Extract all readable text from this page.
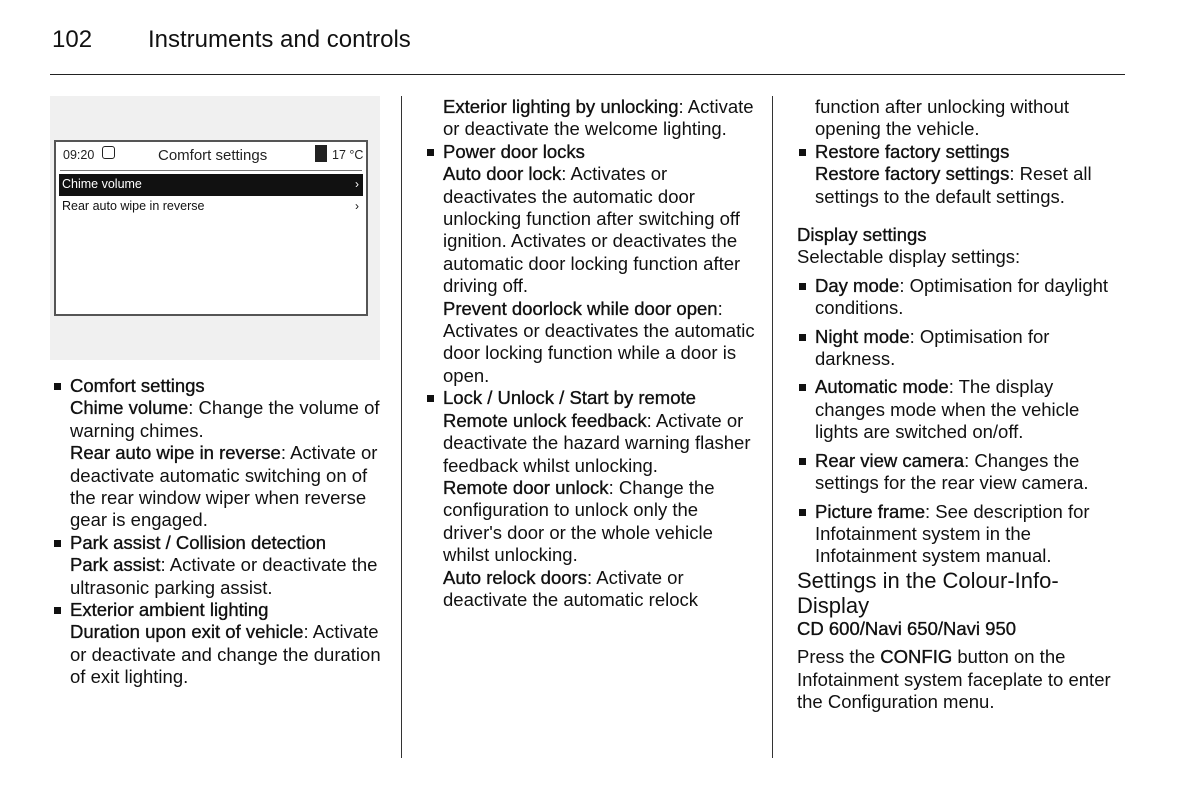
102 Instruments and controls
09:20	Comfort settings	17 °C
Chime volume	›
Rear auto wipe in reverse	›

Comfort settings

Chime volume: Change the volume of warning chimes.

Rear auto wipe in reverse: Activate or deactivate automatic switching on of the rear window wiper when reverse gear is engaged.

Park assist / Collision detection

Park assist: Activate or deactivate the ultrasonic parking assist.

Exterior ambient lighting

Duration upon exit of vehicle: Activate or deactivate and change the duration of exit lighting.

Exterior lighting by unlocking: Activate or deactivate the welcome lighting.

Power door locks

Auto door lock: Activates or deactivates the automatic door unlocking function after switching off ignition. Activates or deactivates the automatic door locking function after driving off.

Prevent doorlock while door open: Activates or deactivates the automatic door locking function while a door is open.

Lock / Unlock / Start by remote

Remote unlock feedback: Activate or deactivate the hazard warning flasher feedback whilst unlocking.

Remote door unlock: Change the configuration to unlock only the driver's door or the whole vehicle whilst unlocking.

Auto relock doors: Activate or deactivate the automatic relock

function after unlocking without opening the vehicle.

Restore factory settings

Restore factory settings: Reset all settings to the default settings.

Display settings

Selectable display settings:

Day mode: Optimisation for daylight conditions.

Night mode: Optimisation for darkness.

Automatic mode: The display changes mode when the vehicle lights are switched on/off.

Rear view camera: Changes the settings for the rear view camera.

Picture frame: See description for Infotainment system in the Infotainment system manual.

Settings in the Colour-Info-Display

CD 600/Navi 650/Navi 950

Press the CONFIG button on the Infotainment system faceplate to enter the Configuration menu.
